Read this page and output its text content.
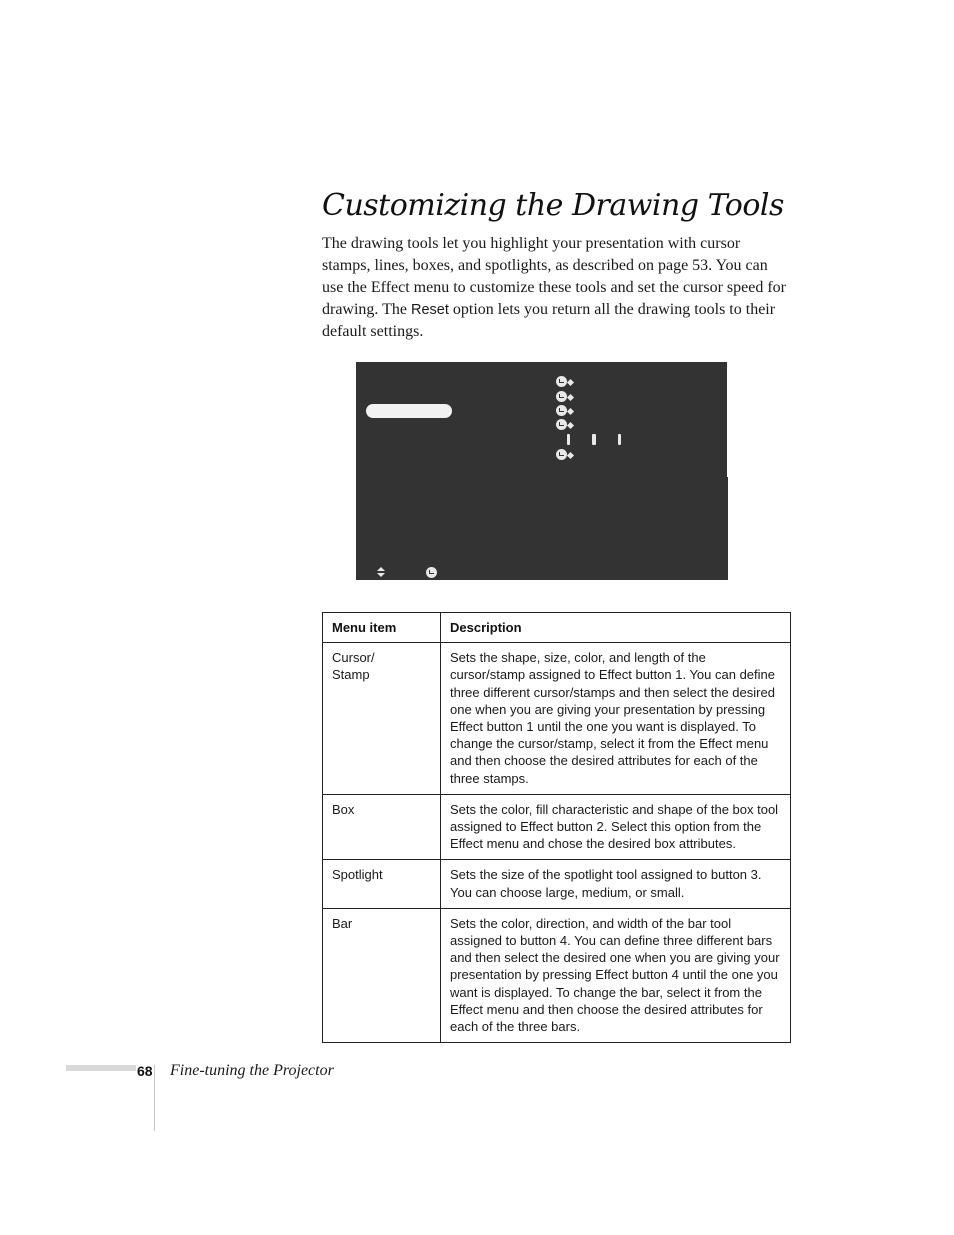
Customizing the Drawing Tools

The drawing tools let you highlight your presentation with cursor stamps, lines, boxes, and spotlights, as described on page 53. You can use the Effect menu to customize these tools and set the cursor speed for drawing. The Reset option lets you return all the drawing tools to their default settings.

Menu item	Description
Cursor/ Stamp	Sets the shape, size, color, and length of the cursor/stamp assigned to Effect button 1. You can define three different cursor/stamps and then select the desired one when you are giving your presentation by pressing Effect button 1 until the one you want is displayed. To change the cursor/stamp, select it from the Effect menu and then choose the desired attributes for each of the three stamps.
Box	Sets the color, fill characteristic and shape of the box tool assigned to Effect button 2. Select this option from the Effect menu and chose the desired box attributes.
Spotlight	Sets the size of the spotlight tool assigned to button 3. You can choose large, medium, or small.
Bar	Sets the color, direction, and width of the bar tool assigned to button 4. You can define three different bars and then select the desired one when you are giving your presentation by pressing Effect button 4 until the one you want is displayed. To change the bar, select it from the Effect menu and then choose the desired attributes for each of the three bars.

68 Fine-tuning the Projector
